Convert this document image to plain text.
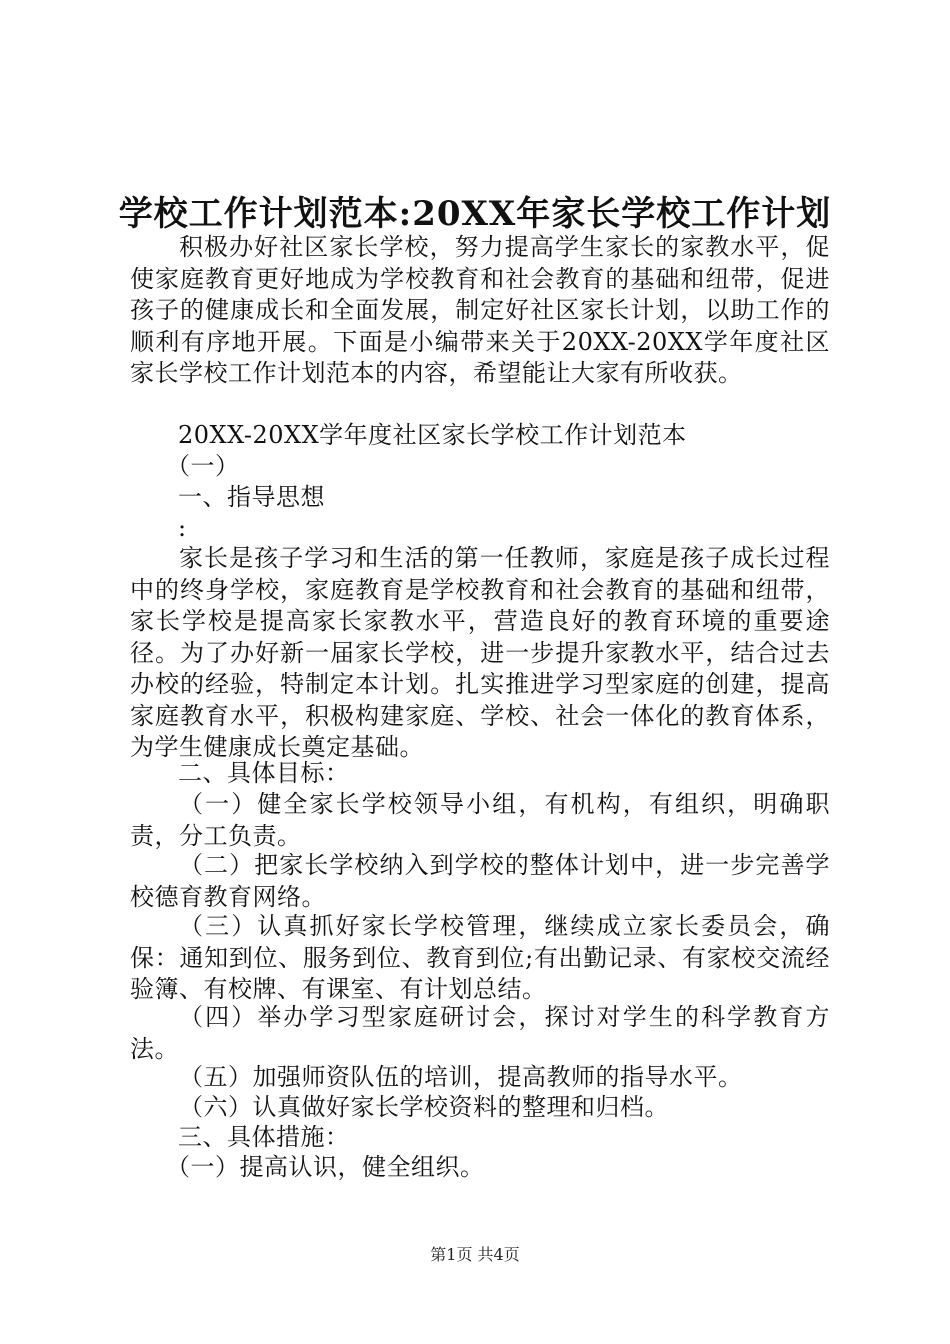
学校工作计划范本:20XX年家长学校工作计划

积极办好社区家长学校，努力提高学生家长的家教水平，促使家庭教育更好地成为学校教育和社会教育的基础和纽带，促进孩子的健康成长和全面发展，制定好社区家长计划，以助工作的顺利有序地开展。下面是小编带来关于20XX-20XX学年度社区家长学校工作计划范本的内容，希望能让大家有所收获。

20XX-20XX学年度社区家长学校工作计划范本

（一）

一、指导思想

:

家长是孩子学习和生活的第一任教师，家庭是孩子成长过程中的终身学校，家庭教育是学校教育和社会教育的基础和纽带，家长学校是提高家长家教水平，营造良好的教育环境的重要途径。为了办好新一届家长学校，进一步提升家教水平，结合过去办校的经验，特制定本计划。扎实推进学习型家庭的创建，提高家庭教育水平，积极构建家庭、学校、社会一体化的教育体系，为学生健康成长奠定基础。

二、具体目标：

（一）健全家长学校领导小组，有机构，有组织，明确职责，分工负责。

（二）把家长学校纳入到学校的整体计划中，进一步完善学校德育教育网络。

（三）认真抓好家长学校管理，继续成立家长委员会，确保：通知到位、服务到位、教育到位;有出勤记录、有家校交流经验簿、有校牌、有课室、有计划总结。

（四）举办学习型家庭研讨会，探讨对学生的科学教育方法。

（五）加强师资队伍的培训，提高教师的指导水平。

（六）认真做好家长学校资料的整理和归档。

三、具体措施：

（一）提高认识，健全组织。

第1页 共4页
